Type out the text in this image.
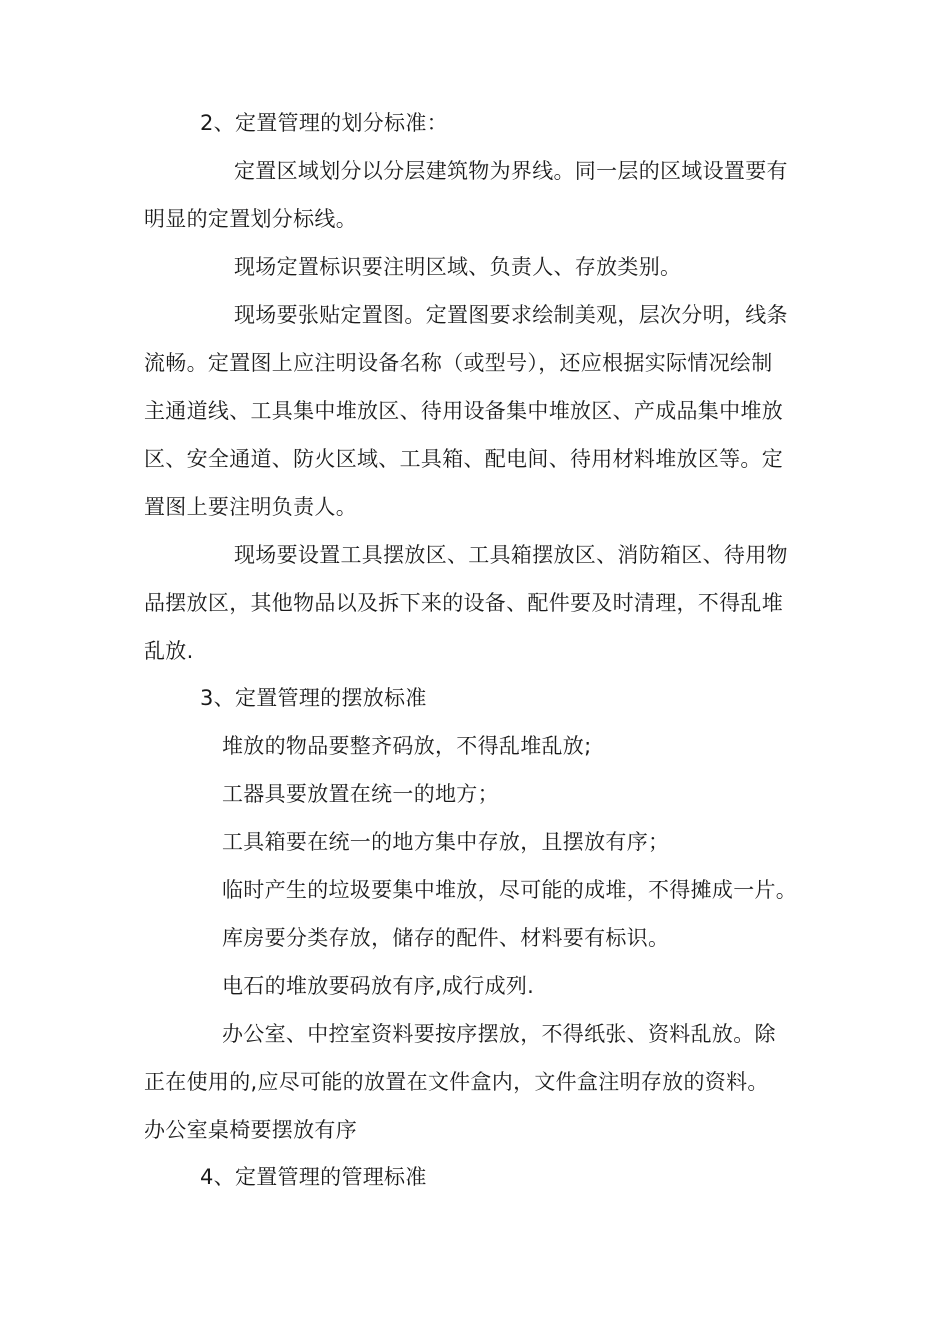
2、定置管理的划分标准：
定置区域划分以分层建筑物为界线。同一层的区域设置要有
明显的定置划分标线。
现场定置标识要注明区域、负责人、存放类别。
现场要张贴定置图。定置图要求绘制美观，层次分明，线条
流畅。定置图上应注明设备名称（或型号），还应根据实际情况绘制
主通道线、工具集中堆放区、待用设备集中堆放区、产成品集中堆放
区、安全通道、防火区域、工具箱、配电间、待用材料堆放区等。定
置图上要注明负责人。
现场要设置工具摆放区、工具箱摆放区、消防箱区、待用物
品摆放区，其他物品以及拆下来的设备、配件要及时清理，不得乱堆
乱放.
3、定置管理的摆放标准
堆放的物品要整齐码放，不得乱堆乱放;
工器具要放置在统一的地方；
工具箱要在统一的地方集中存放，且摆放有序；
临时产生的垃圾要集中堆放，尽可能的成堆，不得摊成一片。
库房要分类存放，储存的配件、材料要有标识。
电石的堆放要码放有序,成行成列.
办公室、中控室资料要按序摆放，不得纸张、资料乱放。除
正在使用的,应尽可能的放置在文件盒内，文件盒注明存放的资料。
办公室桌椅要摆放有序
4、定置管理的管理标准
